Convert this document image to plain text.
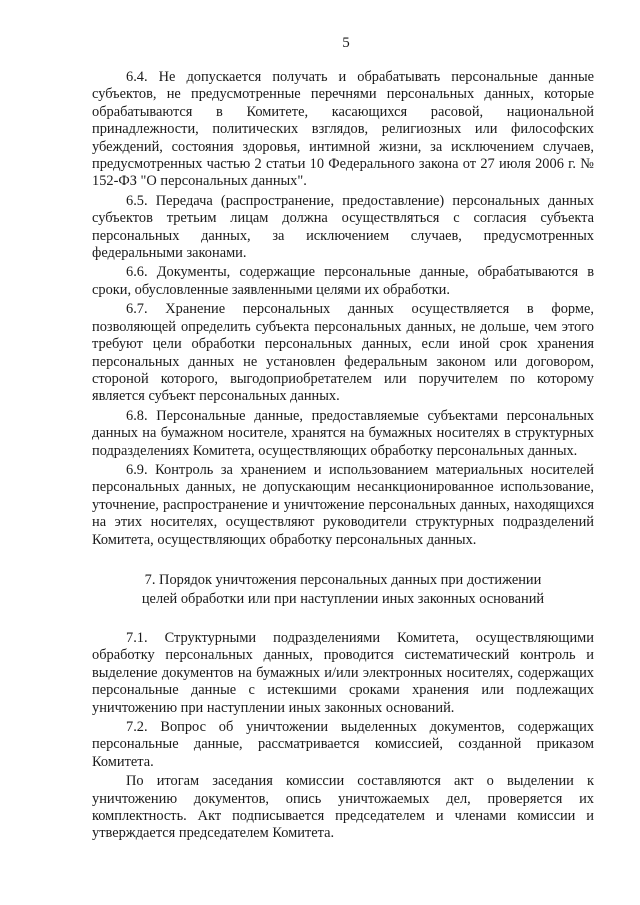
5

6.4. Не допускается получать и обрабатывать персональные данные субъектов, не предусмотренные перечнями персональных данных, которые обрабатываются в Комитете, касающихся расовой, национальной принадлежности, политических взглядов, религиозных или философских убеждений, состояния здоровья, интимной жизни, за исключением случаев, предусмотренных частью 2 статьи 10 Федерального закона от 27 июля 2006 г. № 152-ФЗ "О персональных данных".

6.5. Передача (распространение, предоставление) персональных данных субъектов третьим лицам должна осуществляться с согласия субъекта персональных данных, за исключением случаев, предусмотренных федеральными законами.

6.6. Документы, содержащие персональные данные, обрабатываются в сроки, обусловленные заявленными целями их обработки.

6.7. Хранение персональных данных осуществляется в форме, позволяющей определить субъекта персональных данных, не дольше, чем этого требуют цели обработки персональных данных, если иной срок хранения персональных данных не установлен федеральным законом или договором, стороной которого, выгодоприобретателем или поручителем по которому является субъект персональных данных.

6.8. Персональные данные, предоставляемые субъектами персональных данных на бумажном носителе, хранятся на бумажных носителях в структурных подразделениях Комитета, осуществляющих обработку персональных данных.

6.9. Контроль за хранением и использованием материальных носителей персональных данных, не допускающим несанкционированное использование, уточнение, распространение и уничтожение персональных данных, находящихся на этих носителях, осуществляют руководители структурных подразделений Комитета, осуществляющих обработку персональных данных.

7. Порядок уничтожения персональных данных при достижении
целей обработки или при наступлении иных законных оснований

7.1. Структурными подразделениями Комитета, осуществляющими обработку персональных данных, проводится систематический контроль и выделение документов на бумажных и/или электронных носителях, содержащих персональные данные с истекшими сроками хранения или подлежащих уничтожению при наступлении иных законных оснований.

7.2. Вопрос об уничтожении выделенных документов, содержащих персональные данные, рассматривается комиссией, созданной приказом Комитета.

По итогам заседания комиссии составляются акт о выделении к уничтожению документов, опись уничтожаемых дел, проверяется их комплектность. Акт подписывается председателем и членами комиссии и утверждается председателем Комитета.
